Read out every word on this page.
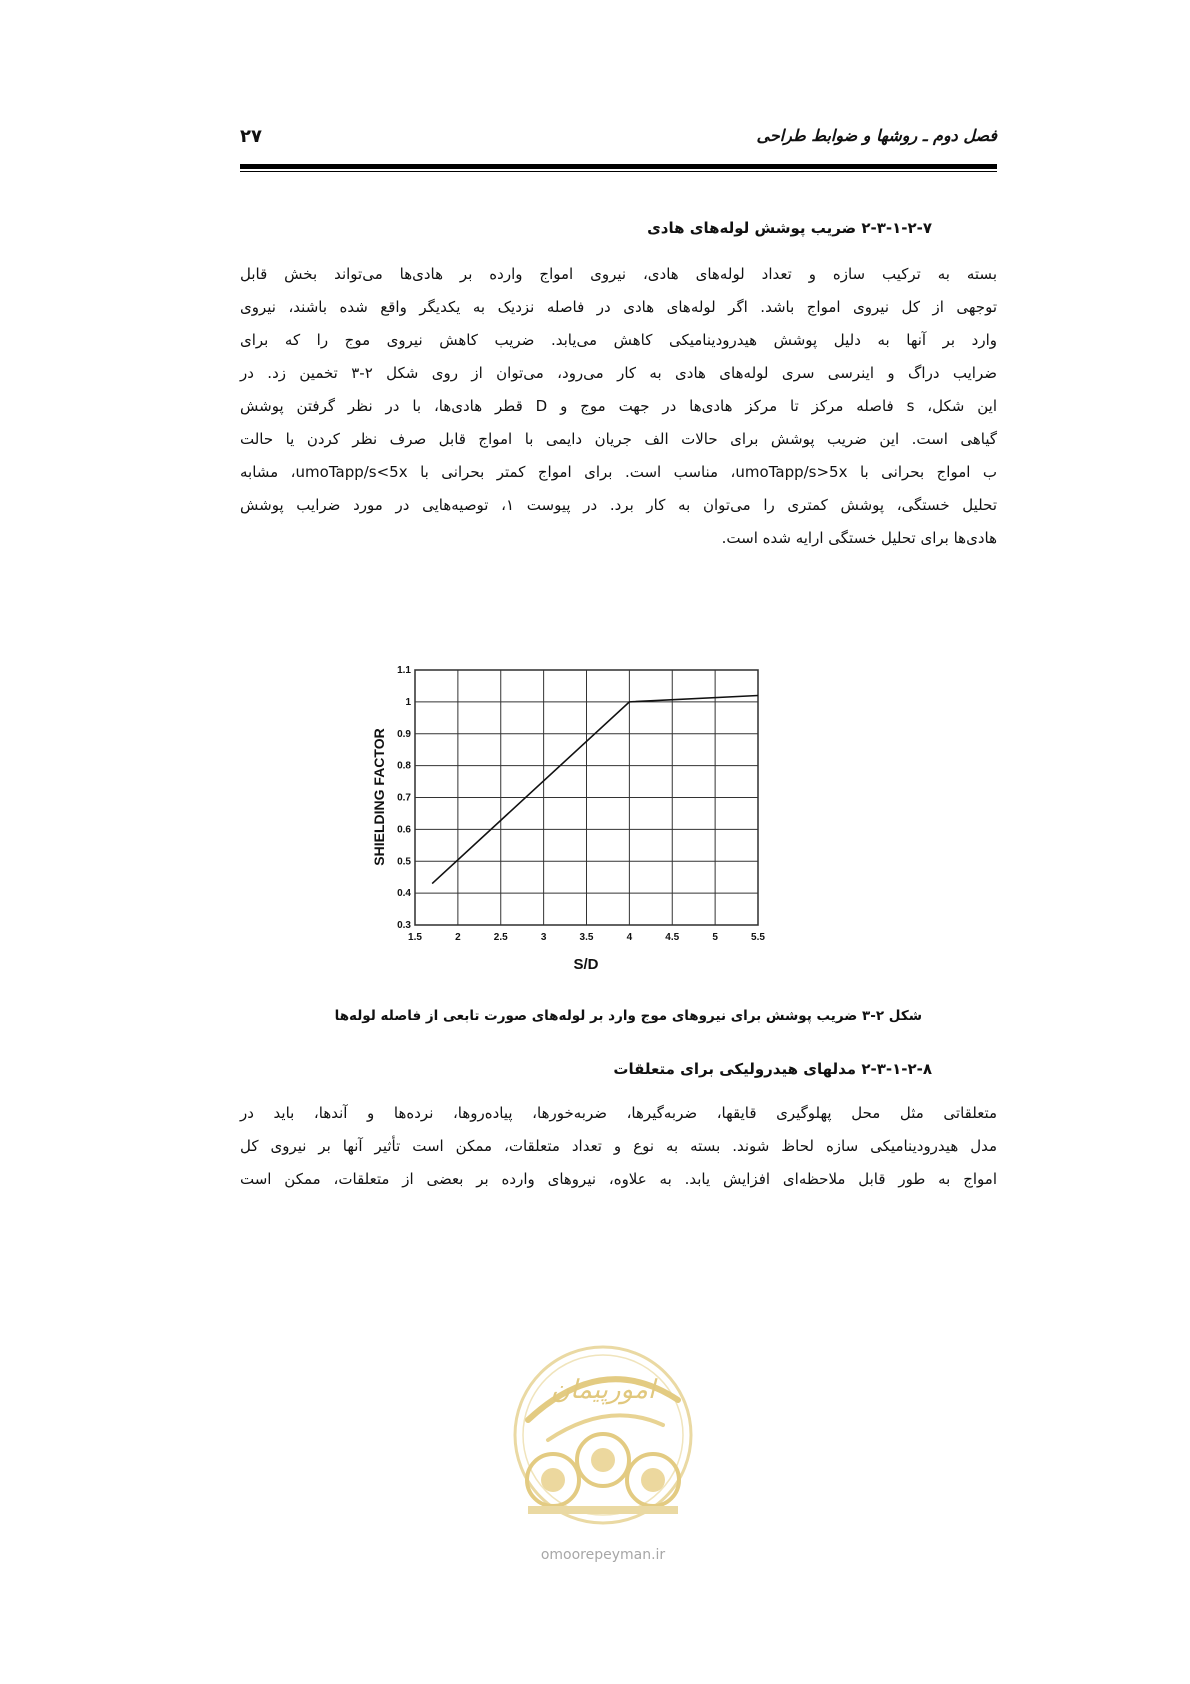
فصل دوم ـ روشها و ضوابط طراحی
۲۷
۲-۳-۱-۲-۷ ضریب پوشش لوله‌های هادی
بسته به ترکیب سازه و تعداد لوله‌های هادی، نیروی امواج وارده بر هادی‌ها می‌تواند بخش قابل
توجهی از کل نیروی امواج باشد. اگر لوله‌های هادی در فاصله نزدیک به یکدیگر واقع شده باشند، نیروی
وارد بر آنها به دلیل پوشش هیدرودینامیکی کاهش می‌یابد. ضریب کاهش نیروی موج را که برای
ضرایب دراگ و اینرسی سری لوله‌های هادی به کار می‌رود، می‌توان از روی شکل ۲-۳ تخمین زد. در
این شکل، s فاصله مرکز تا مرکز هادی‌ها در جهت موج و D قطر هادی‌ها، با در نظر گرفتن پوشش
گیاهی است. این ضریب پوشش برای حالات الف جریان دایمی با امواج قابل صرف نظر کردن یا حالت
ب امواج بحرانی با umoTapp/s>5x، مناسب است. برای امواج کمتر بحرانی با umoTapp/s<5x، مشابه
تحلیل خستگی، پوشش کمتری را می‌توان به کار برد. در پیوست ۱، توصیه‌هایی در مورد ضرایب پوشش
هادی‌ها برای تحلیل خستگی ارایه شده است.
1.5	2	2.5	3	3.5	4	4.5	5	5.5
0.3
0.4
0.5
0.6
0.7
0.8
0.9
1
1.1
S/D
SHIELDING FACTOR
شکل ۲-۳ ضریب پوشش برای نیروهای موج وارد بر لوله‌های صورت تابعی از فاصله لوله‌ها
۲-۳-۱-۲-۸ مدلهای هیدرولیکی برای متعلقات
متعلقاتی مثل محل پهلوگیری قایقها، ضربه‌گیرها، ضربه‌خورها، پیاده‌روها، نرده‌ها و آندها، باید در
مدل هیدرودینامیکی سازه لحاظ شوند. بسته به نوع و تعداد متعلقات، ممکن است تأثیر آنها بر نیروی کل
امواج به طور قابل ملاحظه‌ای افزایش یابد. به علاوه، نیروهای وارده بر بعضی از متعلقات، ممکن است
امورپیمان
omoorepeyman.ir
